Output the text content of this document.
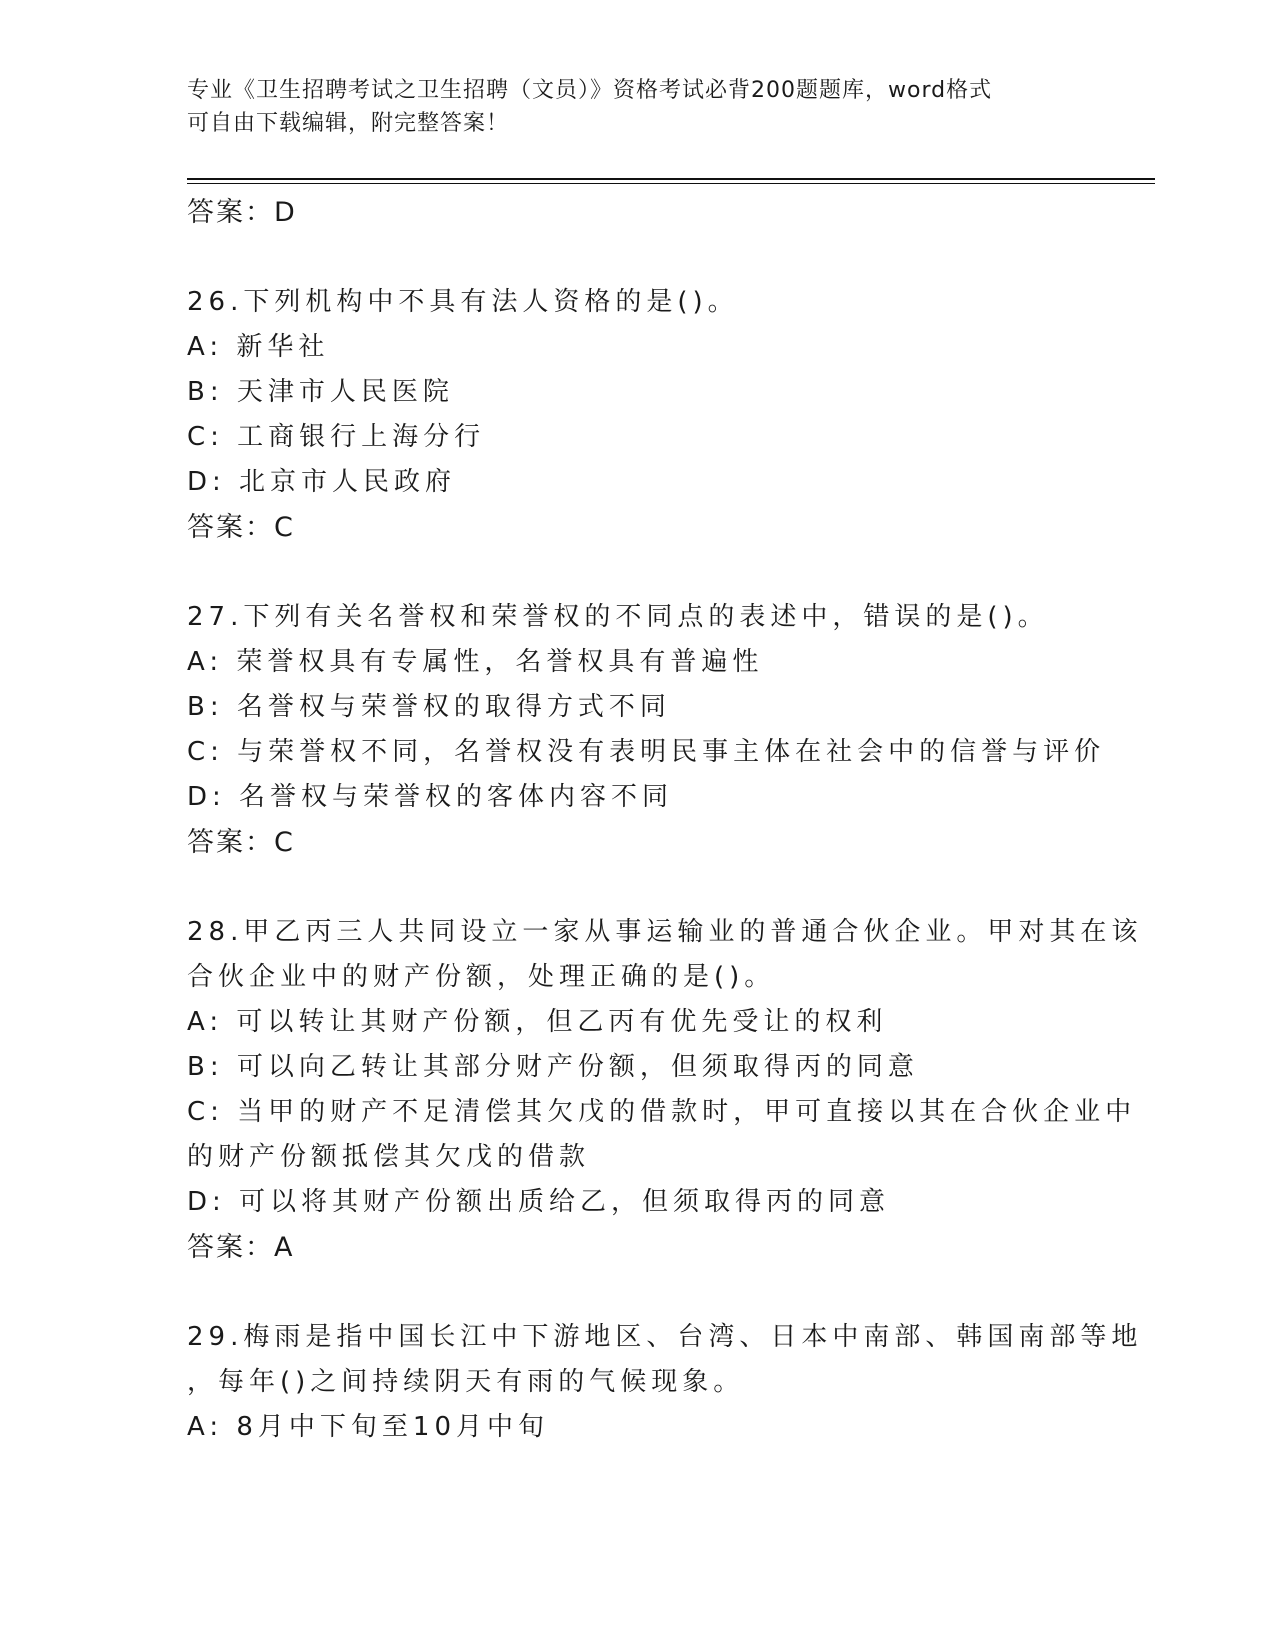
专业《卫生招聘考试之卫生招聘（文员）》资格考试必背200题题库，word格式
可自由下载编辑，附完整答案！
答案：D
26.下列机构中不具有法人资格的是()。
A: 新华社
B: 天津市人民医院
C: 工商银行上海分行
D: 北京市人民政府
答案：C
27.下列有关名誉权和荣誉权的不同点的表述中，错误的是()。
A: 荣誉权具有专属性，名誉权具有普遍性
B: 名誉权与荣誉权的取得方式不同
C: 与荣誉权不同，名誉权没有表明民事主体在社会中的信誉与评价
D: 名誉权与荣誉权的客体内容不同
答案：C
28.甲乙丙三人共同设立一家从事运输业的普通合伙企业。甲对其在该
合伙企业中的财产份额，处理正确的是()。
A: 可以转让其财产份额，但乙丙有优先受让的权利
B: 可以向乙转让其部分财产份额，但须取得丙的同意
C: 当甲的财产不足清偿其欠戊的借款时，甲可直接以其在合伙企业中
的财产份额抵偿其欠戊的借款
D: 可以将其财产份额出质给乙，但须取得丙的同意
答案：A
29.梅雨是指中国长江中下游地区、台湾、日本中南部、韩国南部等地
，每年()之间持续阴天有雨的气候现象。
A: 8月中下旬至10月中旬
